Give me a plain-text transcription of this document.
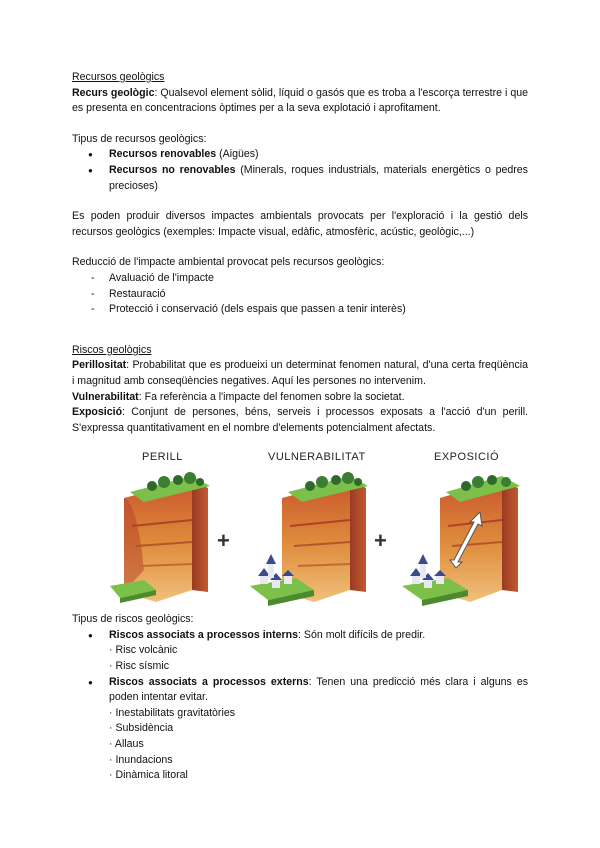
Recursos geològics

Recurs geològic: Qualsevol element sòlid, líquid o gasós que es troba a l'escorça terrestre i que es presenta en concentracions òptimes per a la seva explotació i aprofitament.

Tipus de recursos geològics:

● Recursos renovables (Aigües)
● Recursos no renovables (Minerals, roques industrials, materials energètics o pedres precioses)

Es poden produir diversos impactes ambientals provocats per l'exploració i la gestió dels recursos geològics (exemples: Impacte visual, edàfic, atmosfèric, acústic, geològic,...)

Reducció de l'impacte ambiental provocat pels recursos geològics:

- Avaluació de l'impacte
- Restauració
- Protecció i conservació (dels espais que passen a tenir interès)

Riscos geològics

Perillositat: Probabilitat que es produeixi un determinat fenomen natural, d'una certa freqüència i magnitud amb conseqüències negatives. Aquí les persones no intervenim.

Vulnerabilitat: Fa referència a l'impacte del fenomen sobre la societat.

Exposició: Conjunt de persones, béns, serveis i processos exposats a l'acció d'un perill. S'expressa quantitativament en el nombre d'elements potencialment afectats.

+	+
PERILL	VULNERABILITAT	EXPOSICIÓ

Tipus de riscos geològics:

● Riscos associats a processos interns: Són molt difícils de predir.
· Risc volcànic
· Risc sísmic
● Riscos associats a processos externs: Tenen una predicció més clara i alguns es poden intentar evitar.
· Inestabilitats gravitatòries
· Subsidència
· Allaus
· Inundacions
· Dinàmica litoral
